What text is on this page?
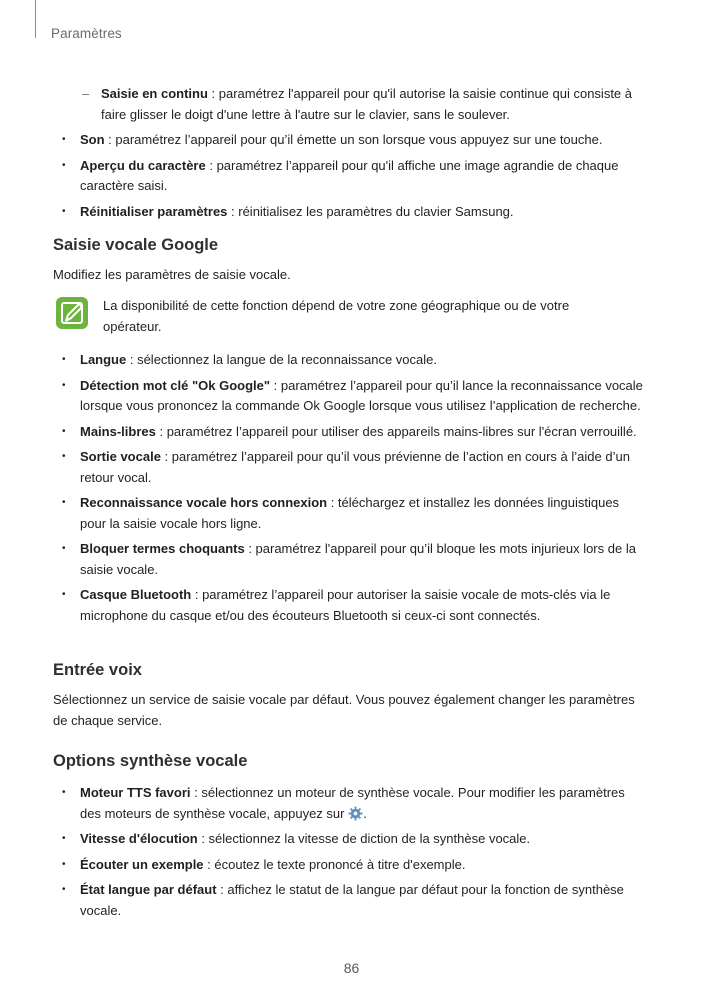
Paramètres
– Saisie en continu : paramétrez l'appareil pour qu'il autorise la saisie continue qui consiste à faire glisser le doigt d'une lettre à l'autre sur le clavier, sans le soulever.
• Son : paramétrez l’appareil pour qu’il émette un son lorsque vous appuyez sur une touche.
• Aperçu du caractère : paramétrez l’appareil pour qu'il affiche une image agrandie de chaque caractère saisi.
• Réinitialiser paramètres : réinitialisez les paramètres du clavier Samsung.
Saisie vocale Google
Modifiez les paramètres de saisie vocale.
La disponibilité de cette fonction dépend de votre zone géographique ou de votre opérateur.
• Langue : sélectionnez la langue de la reconnaissance vocale.
• Détection mot clé "Ok Google" : paramétrez l’appareil pour qu’il lance la reconnaissance vocale lorsque vous prononcez la commande Ok Google lorsque vous utilisez l’application de recherche.
• Mains-libres : paramétrez l’appareil pour utiliser des appareils mains-libres sur l'écran verrouillé.
• Sortie vocale : paramétrez l’appareil pour qu’il vous prévienne de l’action en cours à l’aide d’un retour vocal.
• Reconnaissance vocale hors connexion : téléchargez et installez les données linguistiques pour la saisie vocale hors ligne.
• Bloquer termes choquants : paramétrez l'appareil pour qu’il bloque les mots injurieux lors de la saisie vocale.
• Casque Bluetooth : paramétrez l’appareil pour autoriser la saisie vocale de mots-clés via le microphone du casque et/ou des écouteurs Bluetooth si ceux-ci sont connectés.
Entrée voix
Sélectionnez un service de saisie vocale par défaut. Vous pouvez également changer les paramètres de chaque service.
Options synthèse vocale
• Moteur TTS favori : sélectionnez un moteur de synthèse vocale. Pour modifier les paramètres des moteurs de synthèse vocale, appuyez sur .
• Vitesse d'élocution : sélectionnez la vitesse de diction de la synthèse vocale.
• Écouter un exemple : écoutez le texte prononcé à titre d'exemple.
• État langue par défaut : affichez le statut de la langue par défaut pour la fonction de synthèse vocale.
86
